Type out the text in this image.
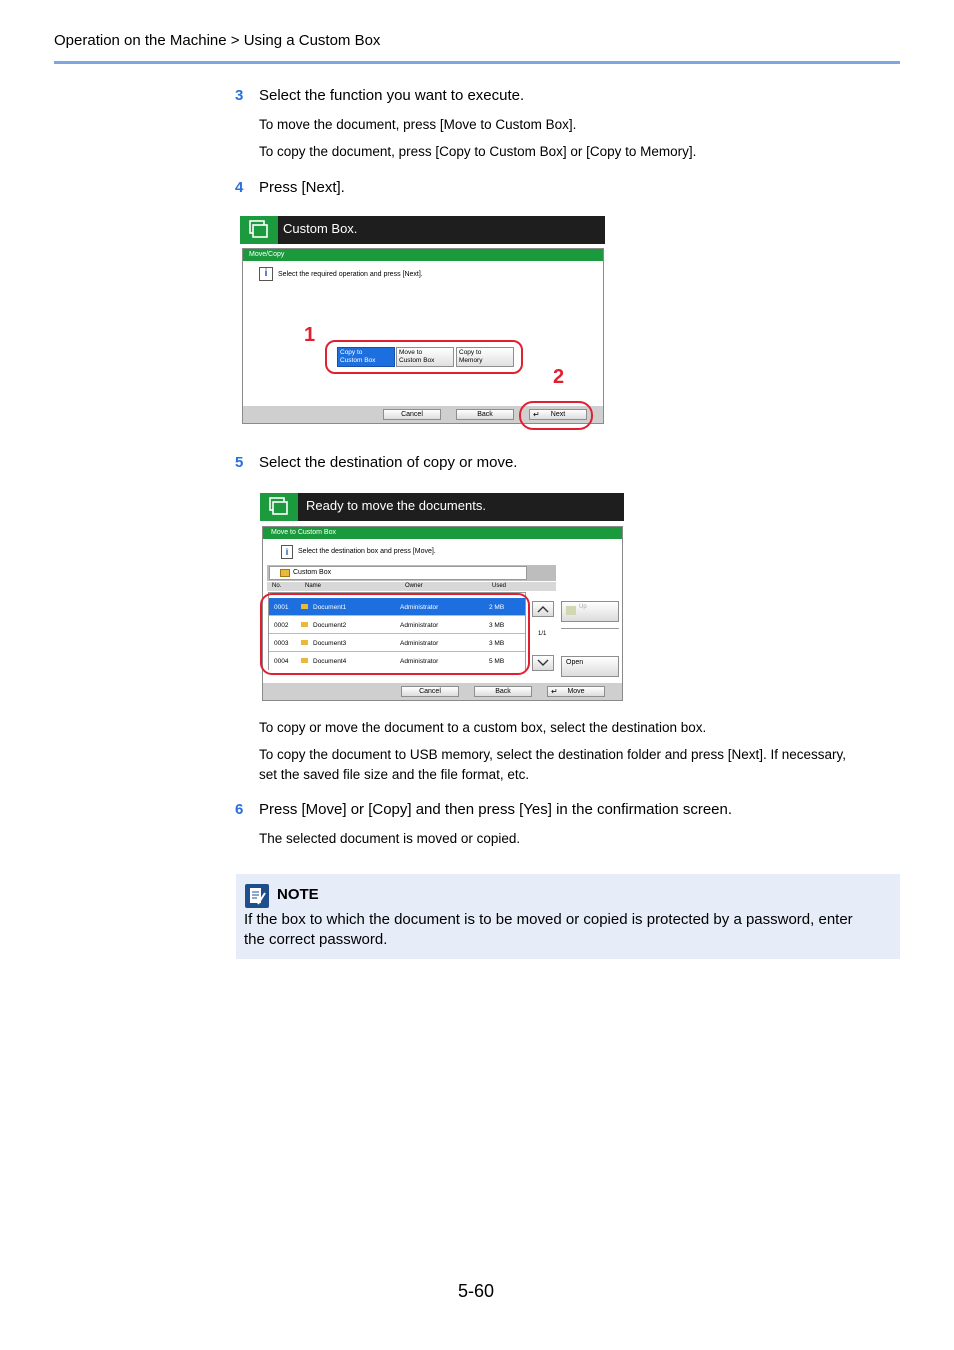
Operation on the Machine > Using a Custom Box
3 Select the function you want to execute.
To move the document, press [Move to Custom Box].
To copy the document, press [Copy to Custom Box] or [Copy to Memory].
4 Press [Next].
Custom Box.
Move/Copy
i	Select the required operation and press [Next].
Copy to
Custom Box
Move to
Custom Box
Copy to
Memory
Cancel	Back	↵ Next
1
2
5 Select the destination of copy or move.
Ready to move the documents.
Move to Custom Box
i	Select the destination box and press [Move].
Custom Box
No.	Name	Owner	Used
0001	Document1	Administrator	2 MB
0002	Document2	Administrator	3 MB
0003	Document3	Administrator	3 MB
0004	Document4	Administrator	5 MB
1/1
Up
Open
Cancel	Back	↵ Move
To copy or move the document to a custom box, select the destination box.
To copy the document to USB memory, select the destination folder and press [Next]. If necessary,
set the saved file size and the file format, etc.
6 Press [Move] or [Copy] and then press [Yes] in the confirmation screen.
The selected document is moved or copied.
NOTE
If the box to which the document is to be moved or copied is protected by a password, enter
the correct password.
5-60
